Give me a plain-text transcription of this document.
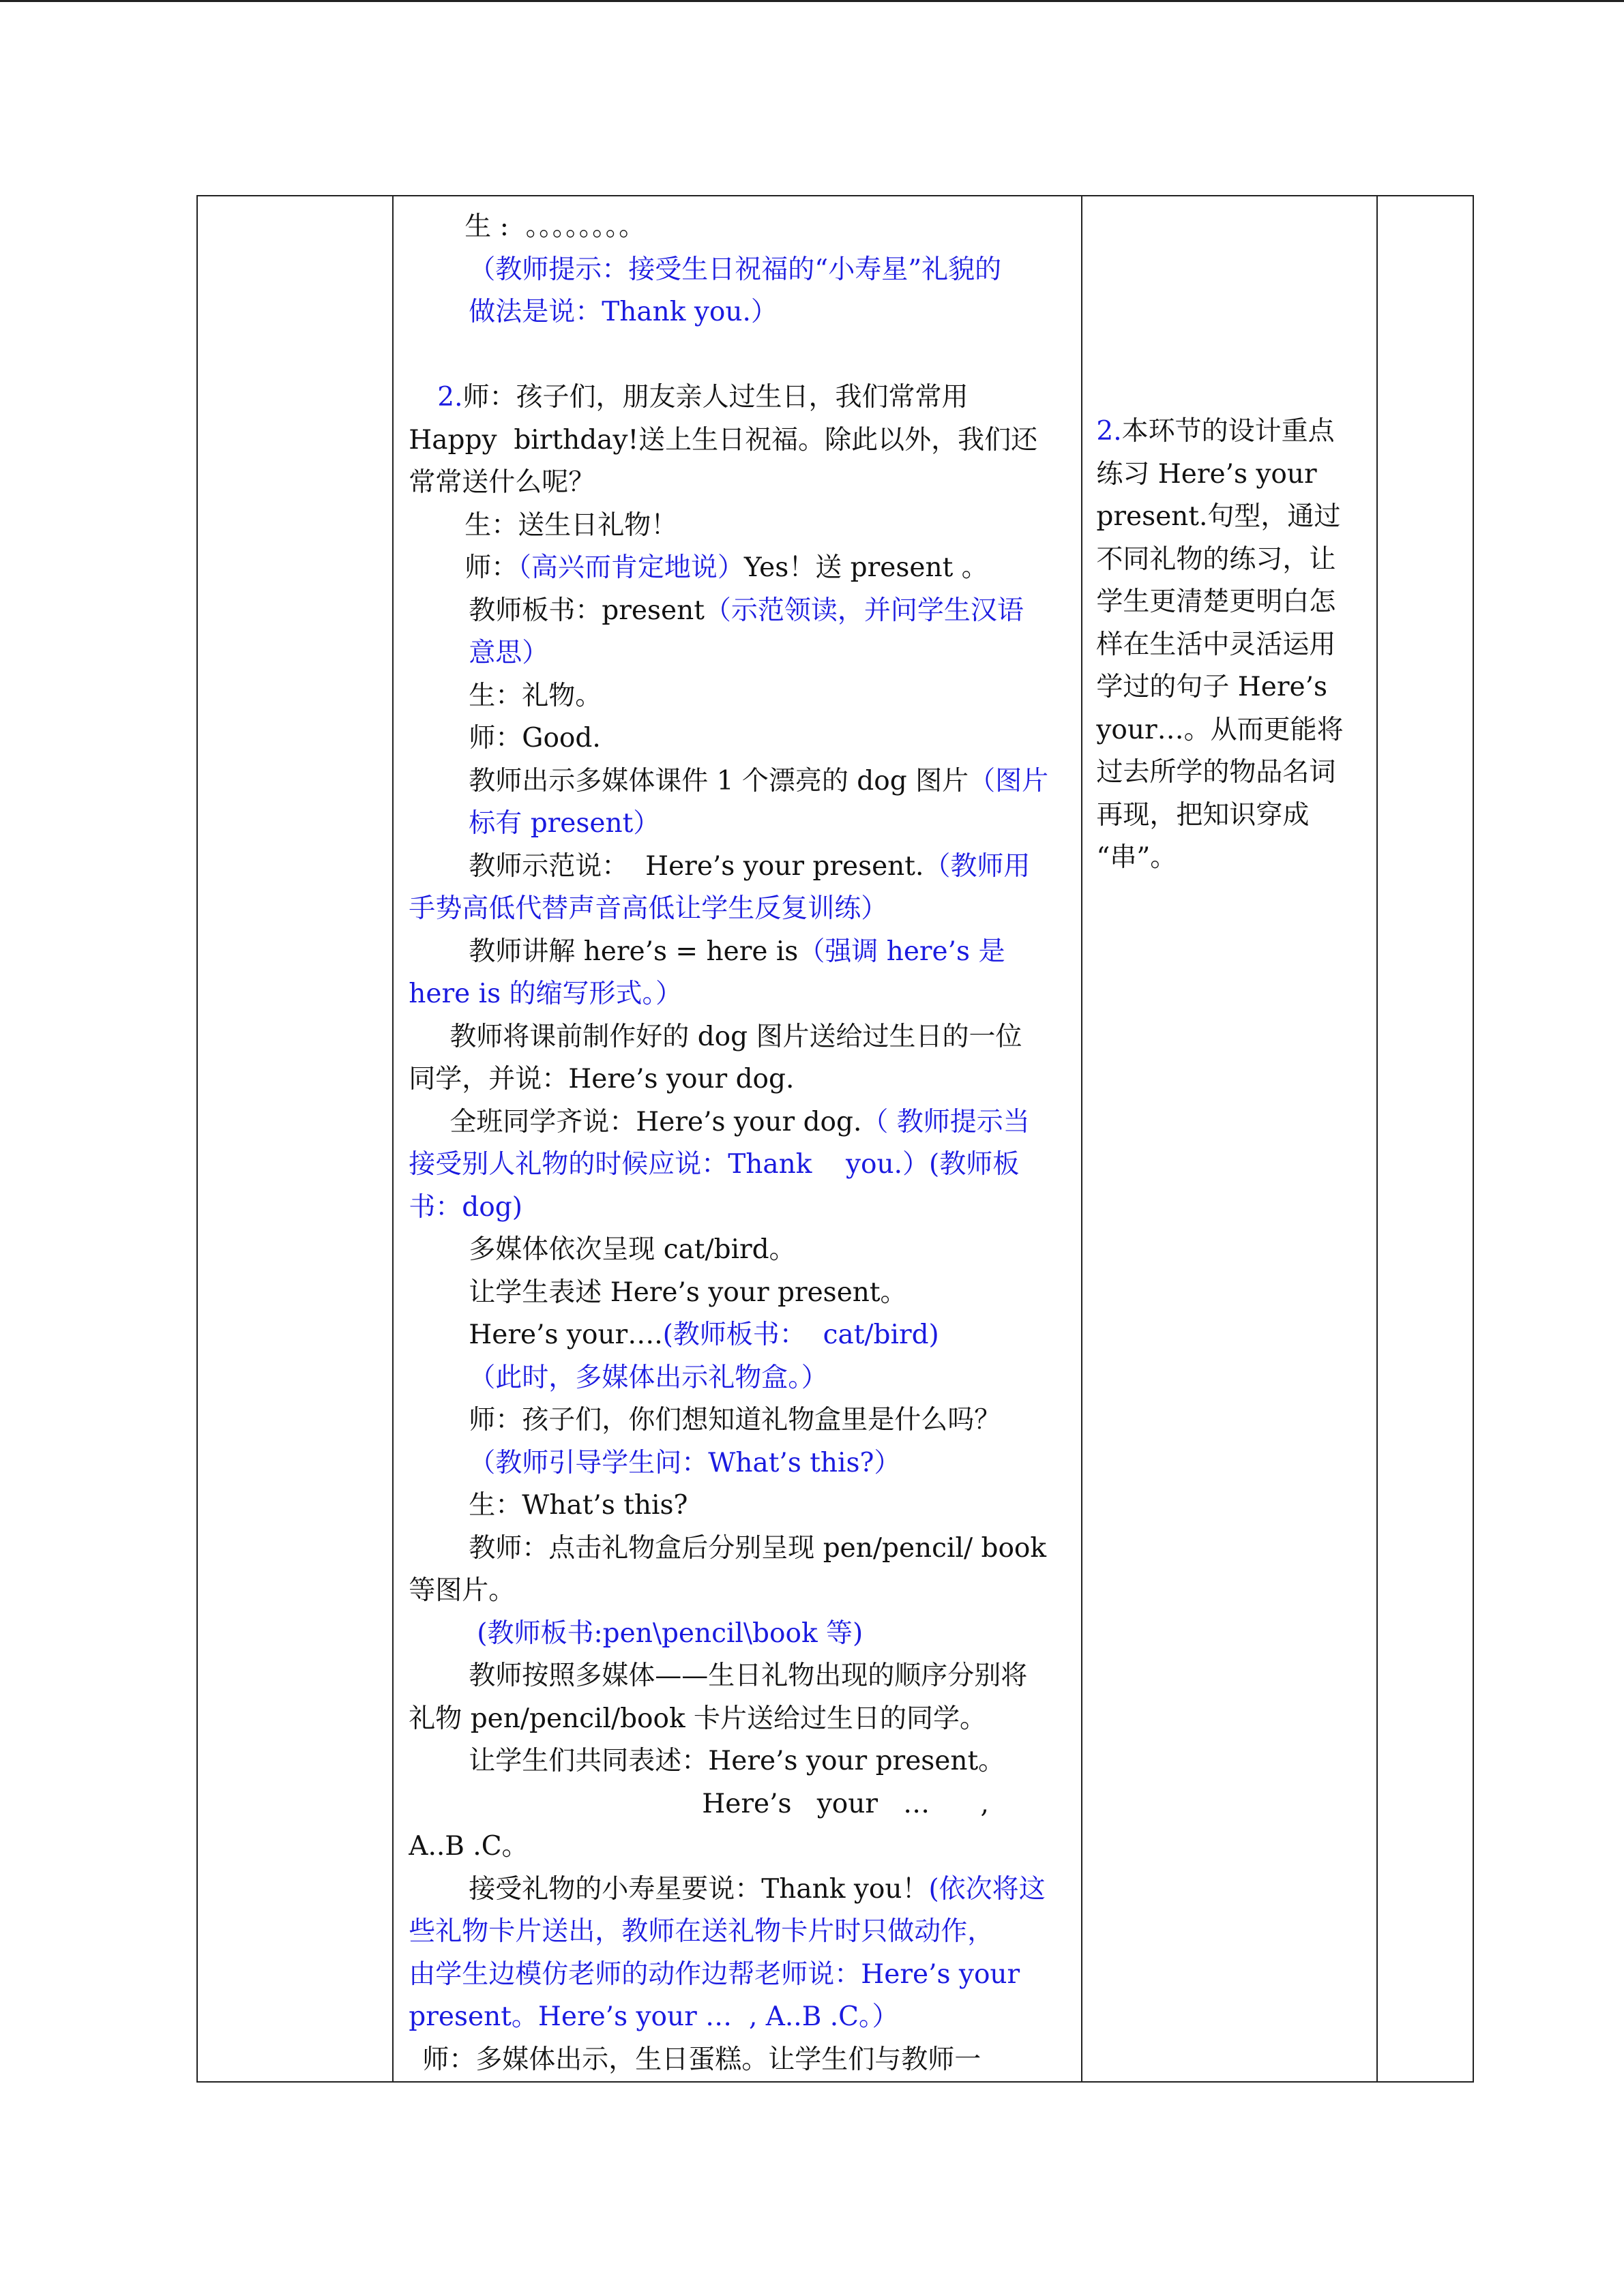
生 :  。。。。。。。。

（教师提示：接受生日祝福的“小寿星”礼貌的

做法是说：Thank you.）

2.师：孩子们，朋友亲人过生日，我们常常用

Happy  birthday!送上生日祝福。除此以外，我们还

常常送什么呢？

生：送生日礼物！

师：（高兴而肯定地说）Yes！送 present 。

教师板书：present（示范领读，并问学生汉语

意思）

生：礼物。

师：Good.

教师出示多媒体课件 1 个漂亮的 dog 图片（图片

标有 present）

教师示范说：  Here’s your present.（教师用

手势高低代替声音高低让学生反复训练）

教师讲解 here’s = here is（强调 here’s 是

here is 的缩写形式。）

教师将课前制作好的 dog 图片送给过生日的一位

同学，并说：Here’s your dog.

全班同学齐说：Here’s your dog.（ 教师提示当

接受别人礼物的时候应说：Thank    you.）(教师板

书：dog)

多媒体依次呈现 cat/bird。

让学生表述 Here’s your present。

Here’s your….(教师板书：  cat/bird)

（此时，多媒体出示礼物盒。）

师：孩子们，你们想知道礼物盒里是什么吗？

（教师引导学生问：What’s this?）

生：What’s this?

教师：点击礼物盒后分别呈现 pen/pencil/ book

等图片。

(教师板书:pen\pencil\book 等)

教师按照多媒体——生日礼物出现的顺序分别将

礼物 pen/pencil/book 卡片送给过生日的同学。

让学生们共同表述：Here’s your present。

Here’s   your   …      ,

A..B .C。

接受礼物的小寿星要说：Thank you！(依次将这

些礼物卡片送出，教师在送礼物卡片时只做动作，

由学生边模仿老师的动作边帮老师说：Here’s your

present。Here’s your …  , A..B .C。）

师：多媒体出示，生日蛋糕。让学生们与教师一

2.本环节的设计重点

练习 Here’s your

present.句型，通过

不同礼物的练习，让

学生更清楚更明白怎

样在生活中灵活运用

学过的句子 Here’s

your…。从而更能将

过去所学的物品名词

再现，把知识穿成

“串”。
